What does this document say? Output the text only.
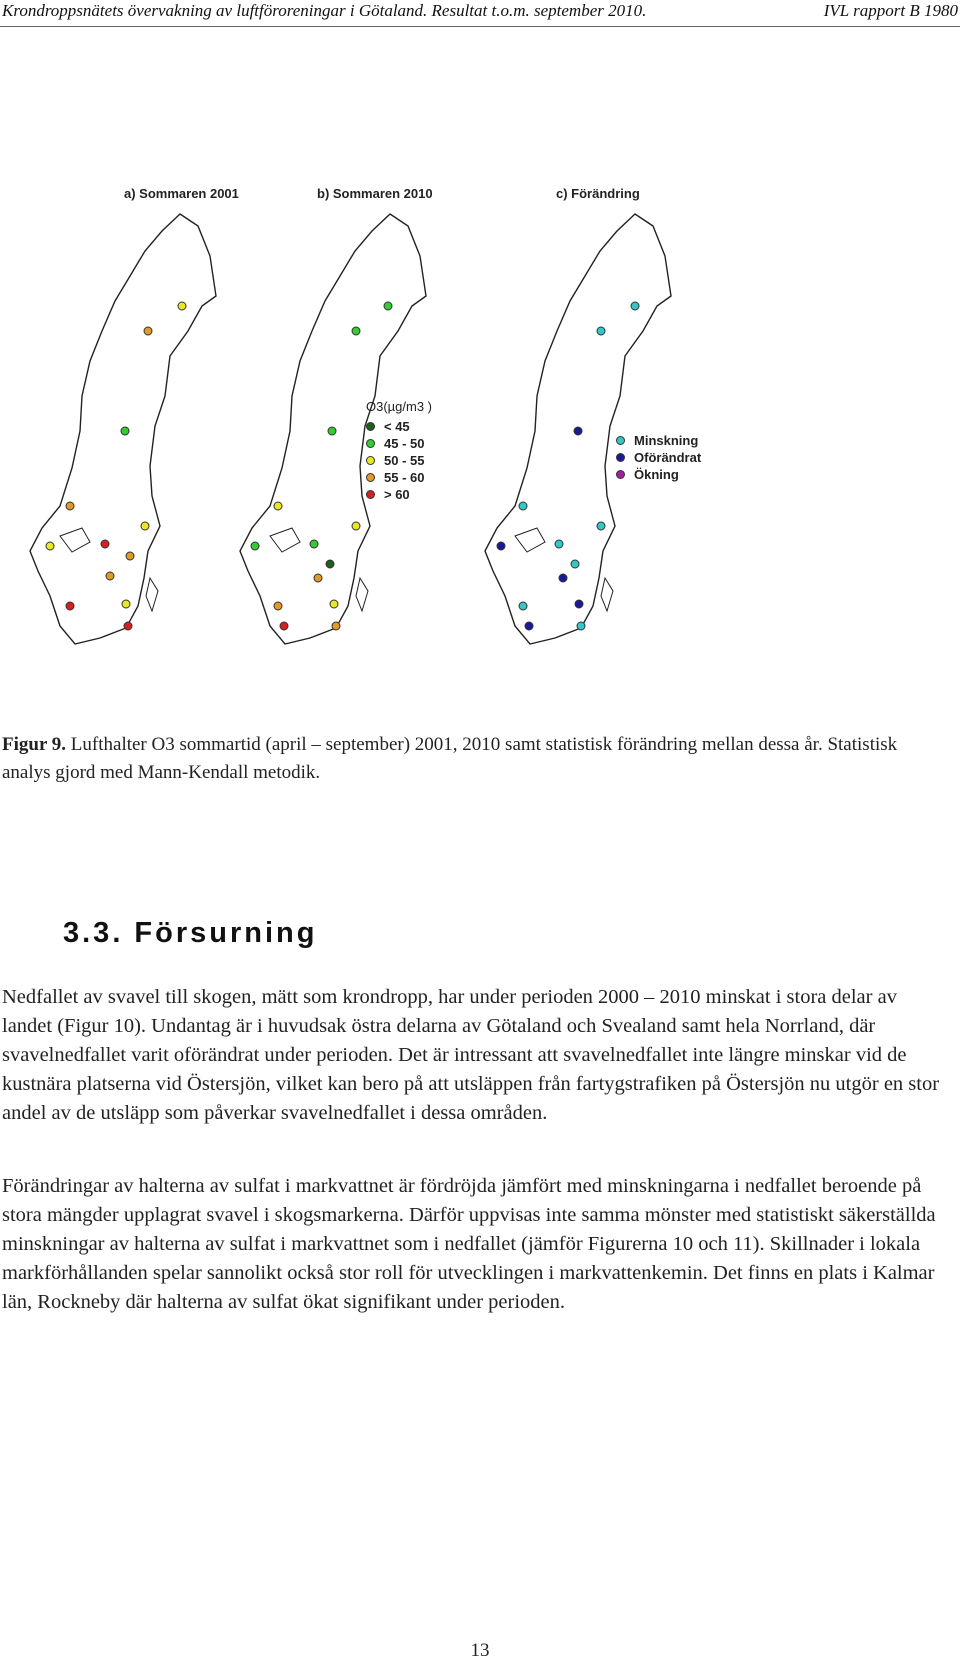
Krondroppsnätets övervakning av luftföroreningar i Götaland. Resultat t.o.m. september 2010.	IVL rapport B 1980
a) Sommaren 2001	b) Sommaren 2010	c) Förändring
O3(µg/m3 )
< 45
45 - 50
50 - 55
55 - 60
> 60
Minskning
Oförändrat
Ökning
Figur 9. Lufthalter O3 sommartid (april – september) 2001, 2010 samt statistisk förändring mellan dessa år. Statistisk analys gjord med Mann-Kendall metodik.
3.3. Försurning
Nedfallet av svavel till skogen, mätt som krondropp, har under perioden 2000 – 2010 minskat i stora delar av landet (Figur 10). Undantag är i huvudsak östra delarna av Götaland och Svealand samt hela Norrland, där svavelnedfallet varit oförändrat under perioden. Det är intressant att svavelnedfallet inte längre minskar vid de kustnära platserna vid Östersjön, vilket kan bero på att utsläppen från fartygstrafiken på Östersjön nu utgör en stor andel av de utsläpp som påverkar svavelnedfallet i dessa områden.
Förändringar av halterna av sulfat i markvattnet är fördröjda jämfört med minskningarna i nedfallet beroende på stora mängder upplagrat svavel i skogsmarkerna. Därför uppvisas inte samma mönster med statistiskt säkerställda minskningar av halterna av sulfat i markvattnet som i nedfallet (jämför Figurerna 10 och 11). Skillnader i lokala markförhållanden spelar sannolikt också stor roll för utvecklingen i markvattenkemin. Det finns en plats i Kalmar län, Rockneby där halterna av sulfat ökat signifikant under perioden.
13
